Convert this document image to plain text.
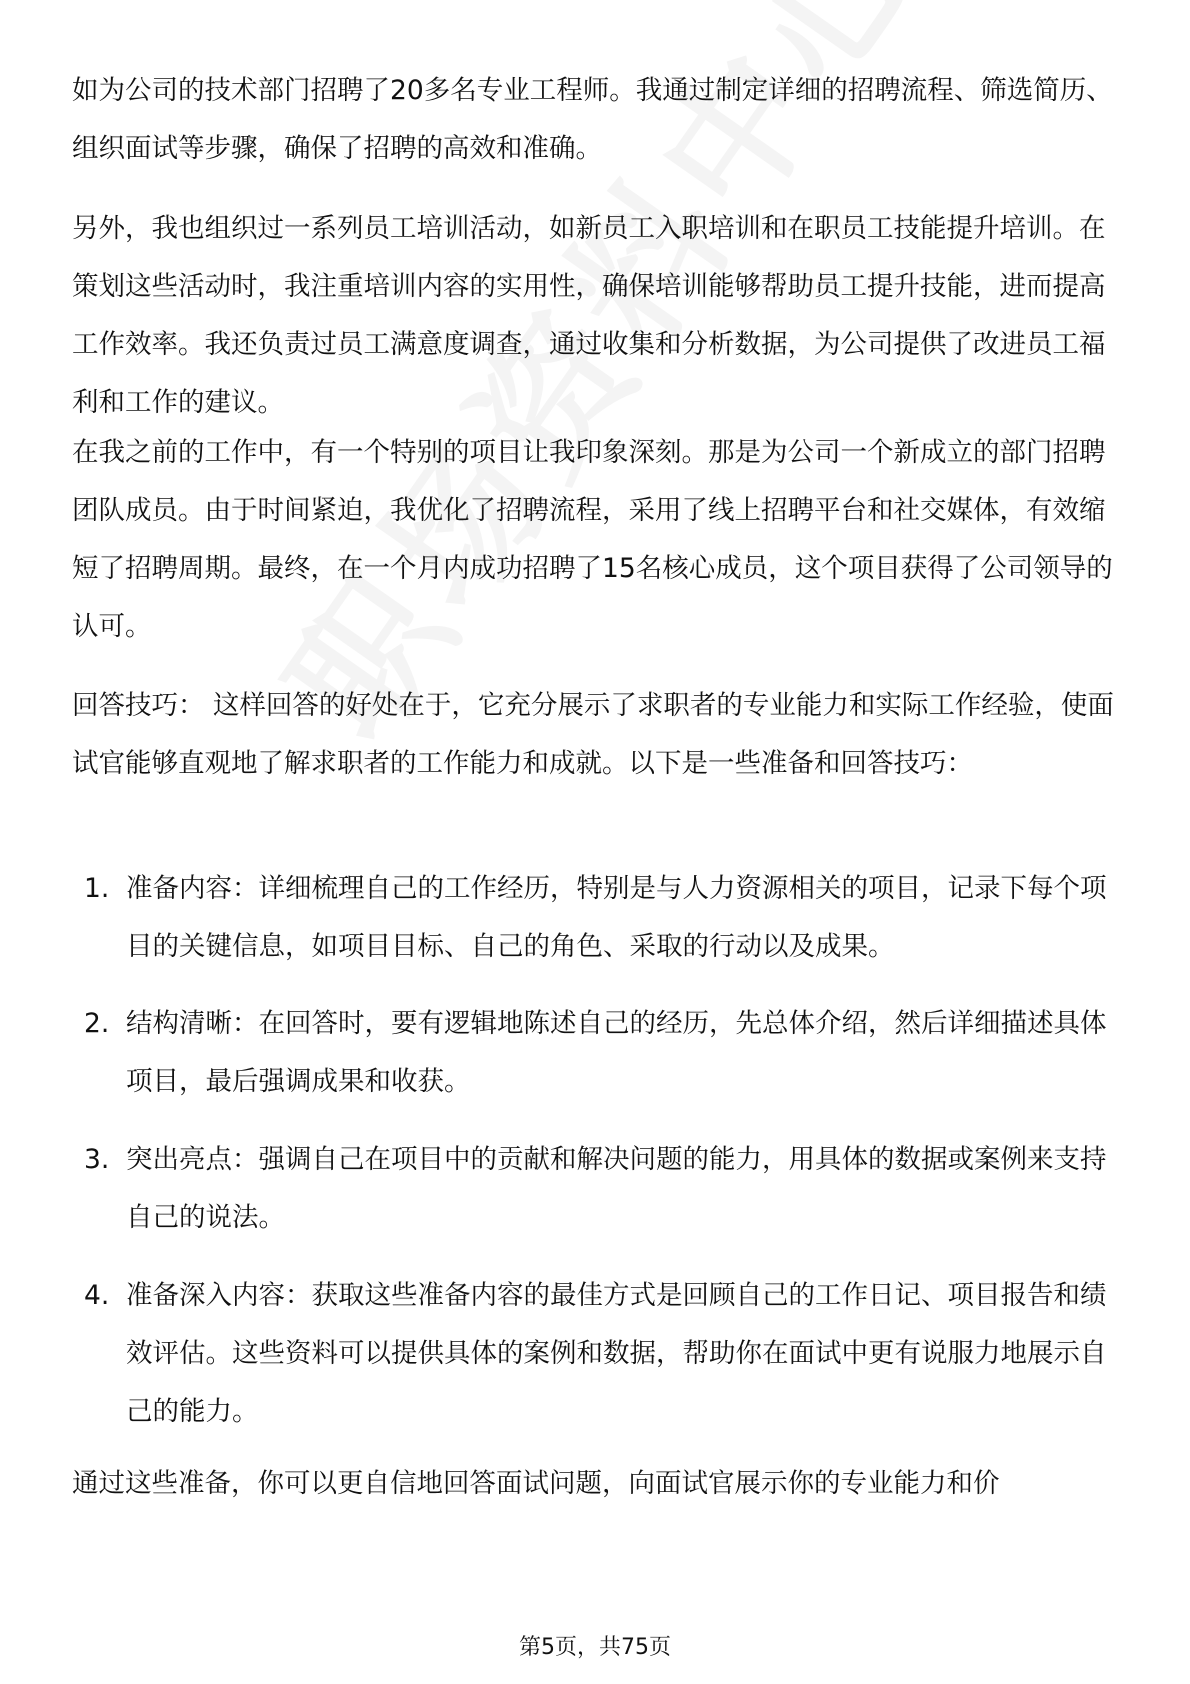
如为公司的技术部门招聘了20多名专业工程师。我通过制定详细的招聘流程、筛选简历、组织面试等步骤，确保了招聘的高效和准确。

另外，我也组织过一系列员工培训活动，如新员工入职培训和在职员工技能提升培训。在策划这些活动时，我注重培训内容的实用性，确保培训能够帮助员工提升技能，进而提高工作效率。我还负责过员工满意度调查，通过收集和分析数据，为公司提供了改进员工福利和工作的建议。

在我之前的工作中，有一个特别的项目让我印象深刻。那是为公司一个新成立的部门招聘团队成员。由于时间紧迫，我优化了招聘流程，采用了线上招聘平台和社交媒体，有效缩短了招聘周期。最终，在一个月内成功招聘了15名核心成员，这个项目获得了公司领导的认可。

回答技巧： 这样回答的好处在于，它充分展示了求职者的专业能力和实际工作经验，使面试官能够直观地了解求职者的工作能力和成就。以下是一些准备和回答技巧：

1. 准备内容：详细梳理自己的工作经历，特别是与人力资源相关的项目，记录下每个项目的关键信息，如项目目标、自己的角色、采取的行动以及成果。
2. 结构清晰：在回答时，要有逻辑地陈述自己的经历，先总体介绍，然后详细描述具体项目，最后强调成果和收获。
3. 突出亮点：强调自己在项目中的贡献和解决问题的能力，用具体的数据或案例来支持自己的说法。
4. 准备深入内容：获取这些准备内容的最佳方式是回顾自己的工作日记、项目报告和绩效评估。这些资料可以提供具体的案例和数据，帮助你在面试中更有说服力地展示自己的能力。

通过这些准备，你可以更自信地回答面试问题，向面试官展示你的专业能力和价

第5页，共75页
